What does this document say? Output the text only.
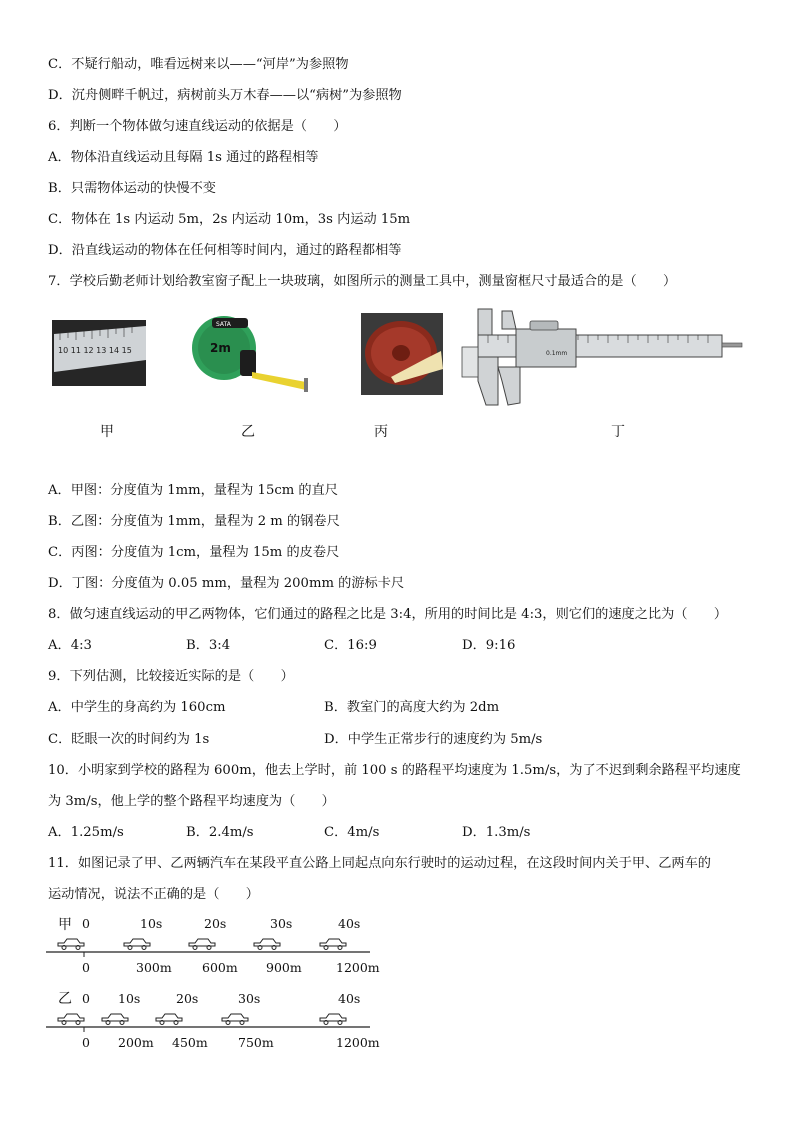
C．不疑行船动，唯看远树来以——“河岸”为参照物
D．沉舟侧畔千帆过，病树前头万木春——以“病树”为参照物
6．判断一个物体做匀速直线运动的依据是（　　）
A．物体沿直线运动且每隔 1s 通过的路程相等
B．只需物体运动的快慢不变
C．物体在 1s 内运动 5m，2s 内运动 10m，3s 内运动 15m
D．沿直线运动的物体在任何相等时间内，通过的路程都相等
7．学校后勤老师计划给教室窗子配上一块玻璃，如图所示的测量工具中，测量窗框尺寸最适合的是（　　）
10 11 12 13 14 15
SATA
2m	0.1mm
甲	乙	丙	丁
A．甲图：分度值为 1mm，量程为 15cm 的直尺
B．乙图：分度值为 1mm，量程为 2 m 的钢卷尺
C．丙图：分度值为 1cm，量程为 15m 的皮卷尺
D．丁图：分度值为 0.05 mm，量程为 200mm 的游标卡尺
8．做匀速直线运动的甲乙两物体，它们通过的路程之比是 3:4，所用的时间比是 4:3，则它们的速度之比为（　　）
A．4:3	B．3:4	C．16:9	D．9:16
9．下列估测，比较接近实际的是（　　）
A．中学生的身高约为 160cm	B．教室门的高度大约为 2dm
C．眨眼一次的时间约为 1s	D．中学生正常步行的速度约为 5m/s
10．小明家到学校的路程为 600m，他去上学时，前 100 s 的路程平均速度为 1.5m/s，为了不迟到剩余路程平均速度
为 3m/s，他上学的整个路程平均速度为（　　）
A．1.25m/s	B．2.4m/s	C．4m/s	D．1.3m/s
11．如图记录了甲、乙两辆汽车在某段平直公路上同起点向东行驶时的运动过程，在这段时间内关于甲、乙两车的
运动情况，说法不正确的是（　　）
甲 0	10s	20s	30s	40s
0	300m 600m 900m	1200m
乙 0 10s	20s	30s	40s
0 200m 450m 750m	1200m
